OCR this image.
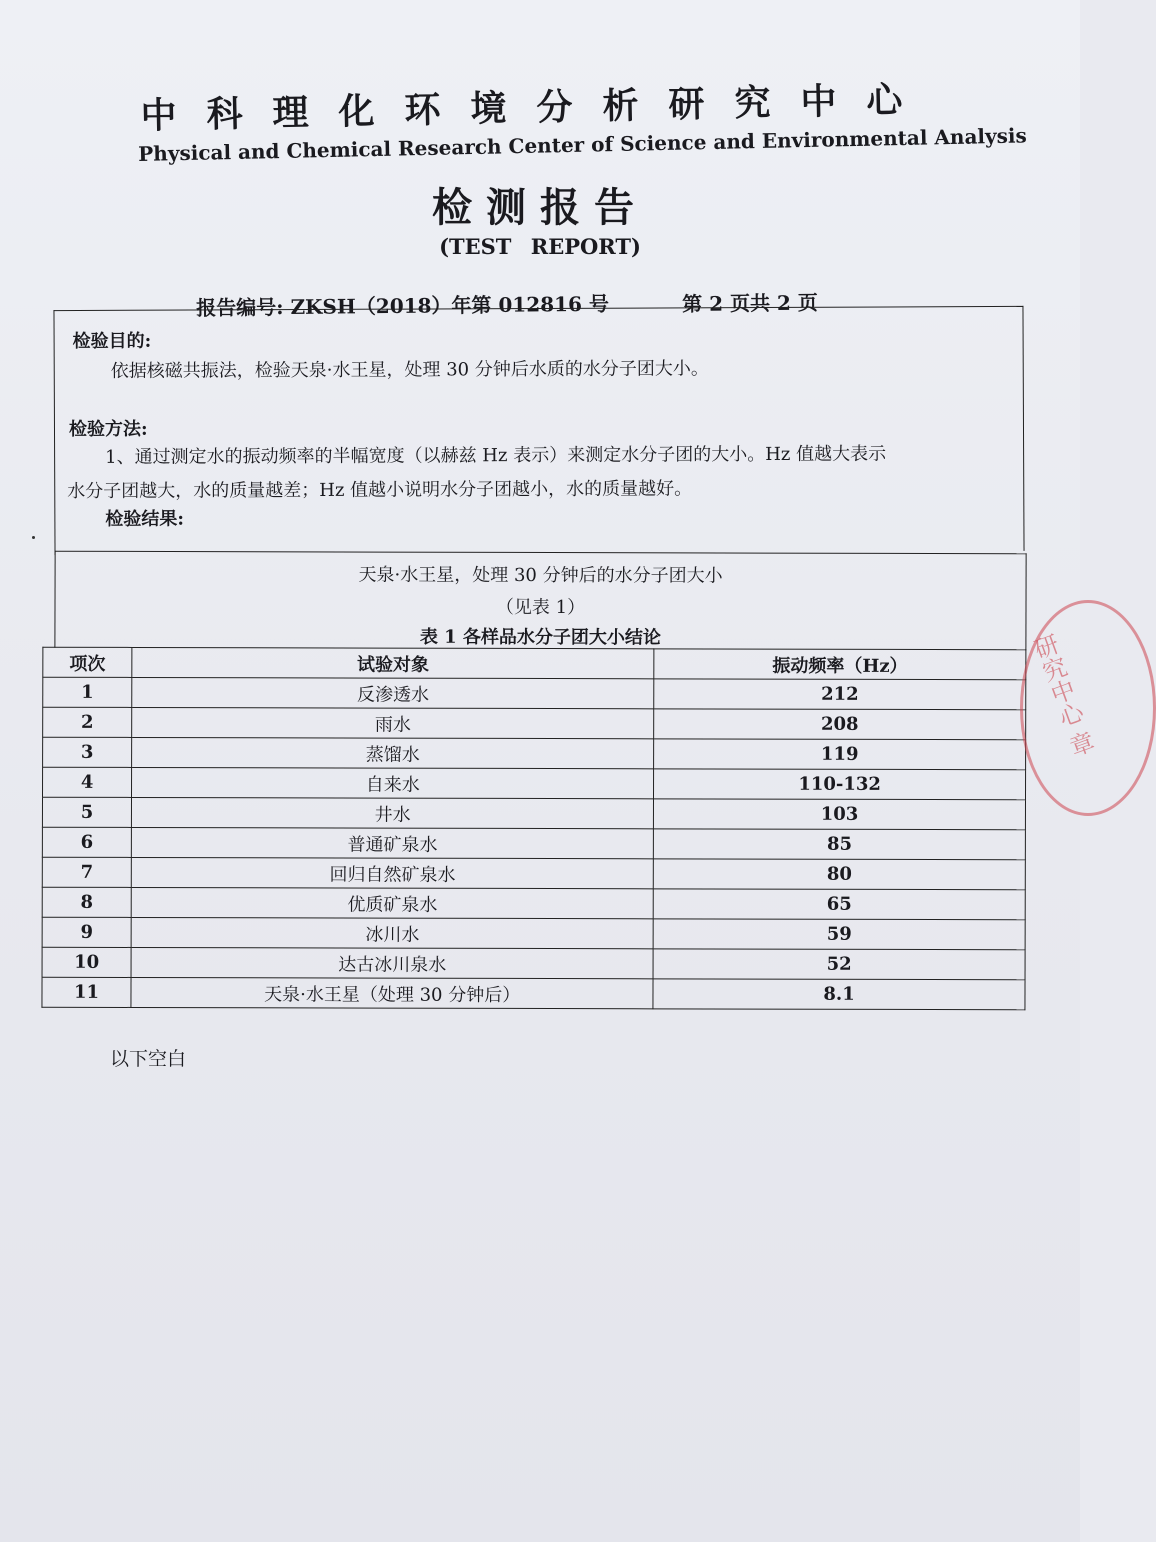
中科理化环境分析研究中心
Physical and Chemical Research Center of Science and Environmental Analysis
检测报告
(TEST REPORT)
报告编号: ZKSH（2018）年第 012816 号	第 2 页共 2 页
检验目的:
依据核磁共振法，检验天泉·水王星，处理 30 分钟后水质的水分子团大小。
检验方法:
1、通过测定水的振动频率的半幅宽度（以赫兹 Hz 表示）来测定水分子团的大小。Hz 值越大表示
水分子团越大，水的质量越差；Hz 值越小说明水分子团越小，水的质量越好。
检验结果:
天泉·水王星，处理 30 分钟后的水分子团大小
（见表 1）
表 1 各样品水分子团大小结论
项次	试验对象	振动频率（Hz）
1	反渗透水	212
2	雨水	208
3	蒸馏水	119
4	自来水	110-132
5	井水	103
6	普通矿泉水	85
7	回归自然矿泉水	80
8	优质矿泉水	65
9	冰川水	59
10	达古冰川泉水	52
11	天泉·水王星（处理 30 分钟后）	8.1
以下空白
研究中心 章
